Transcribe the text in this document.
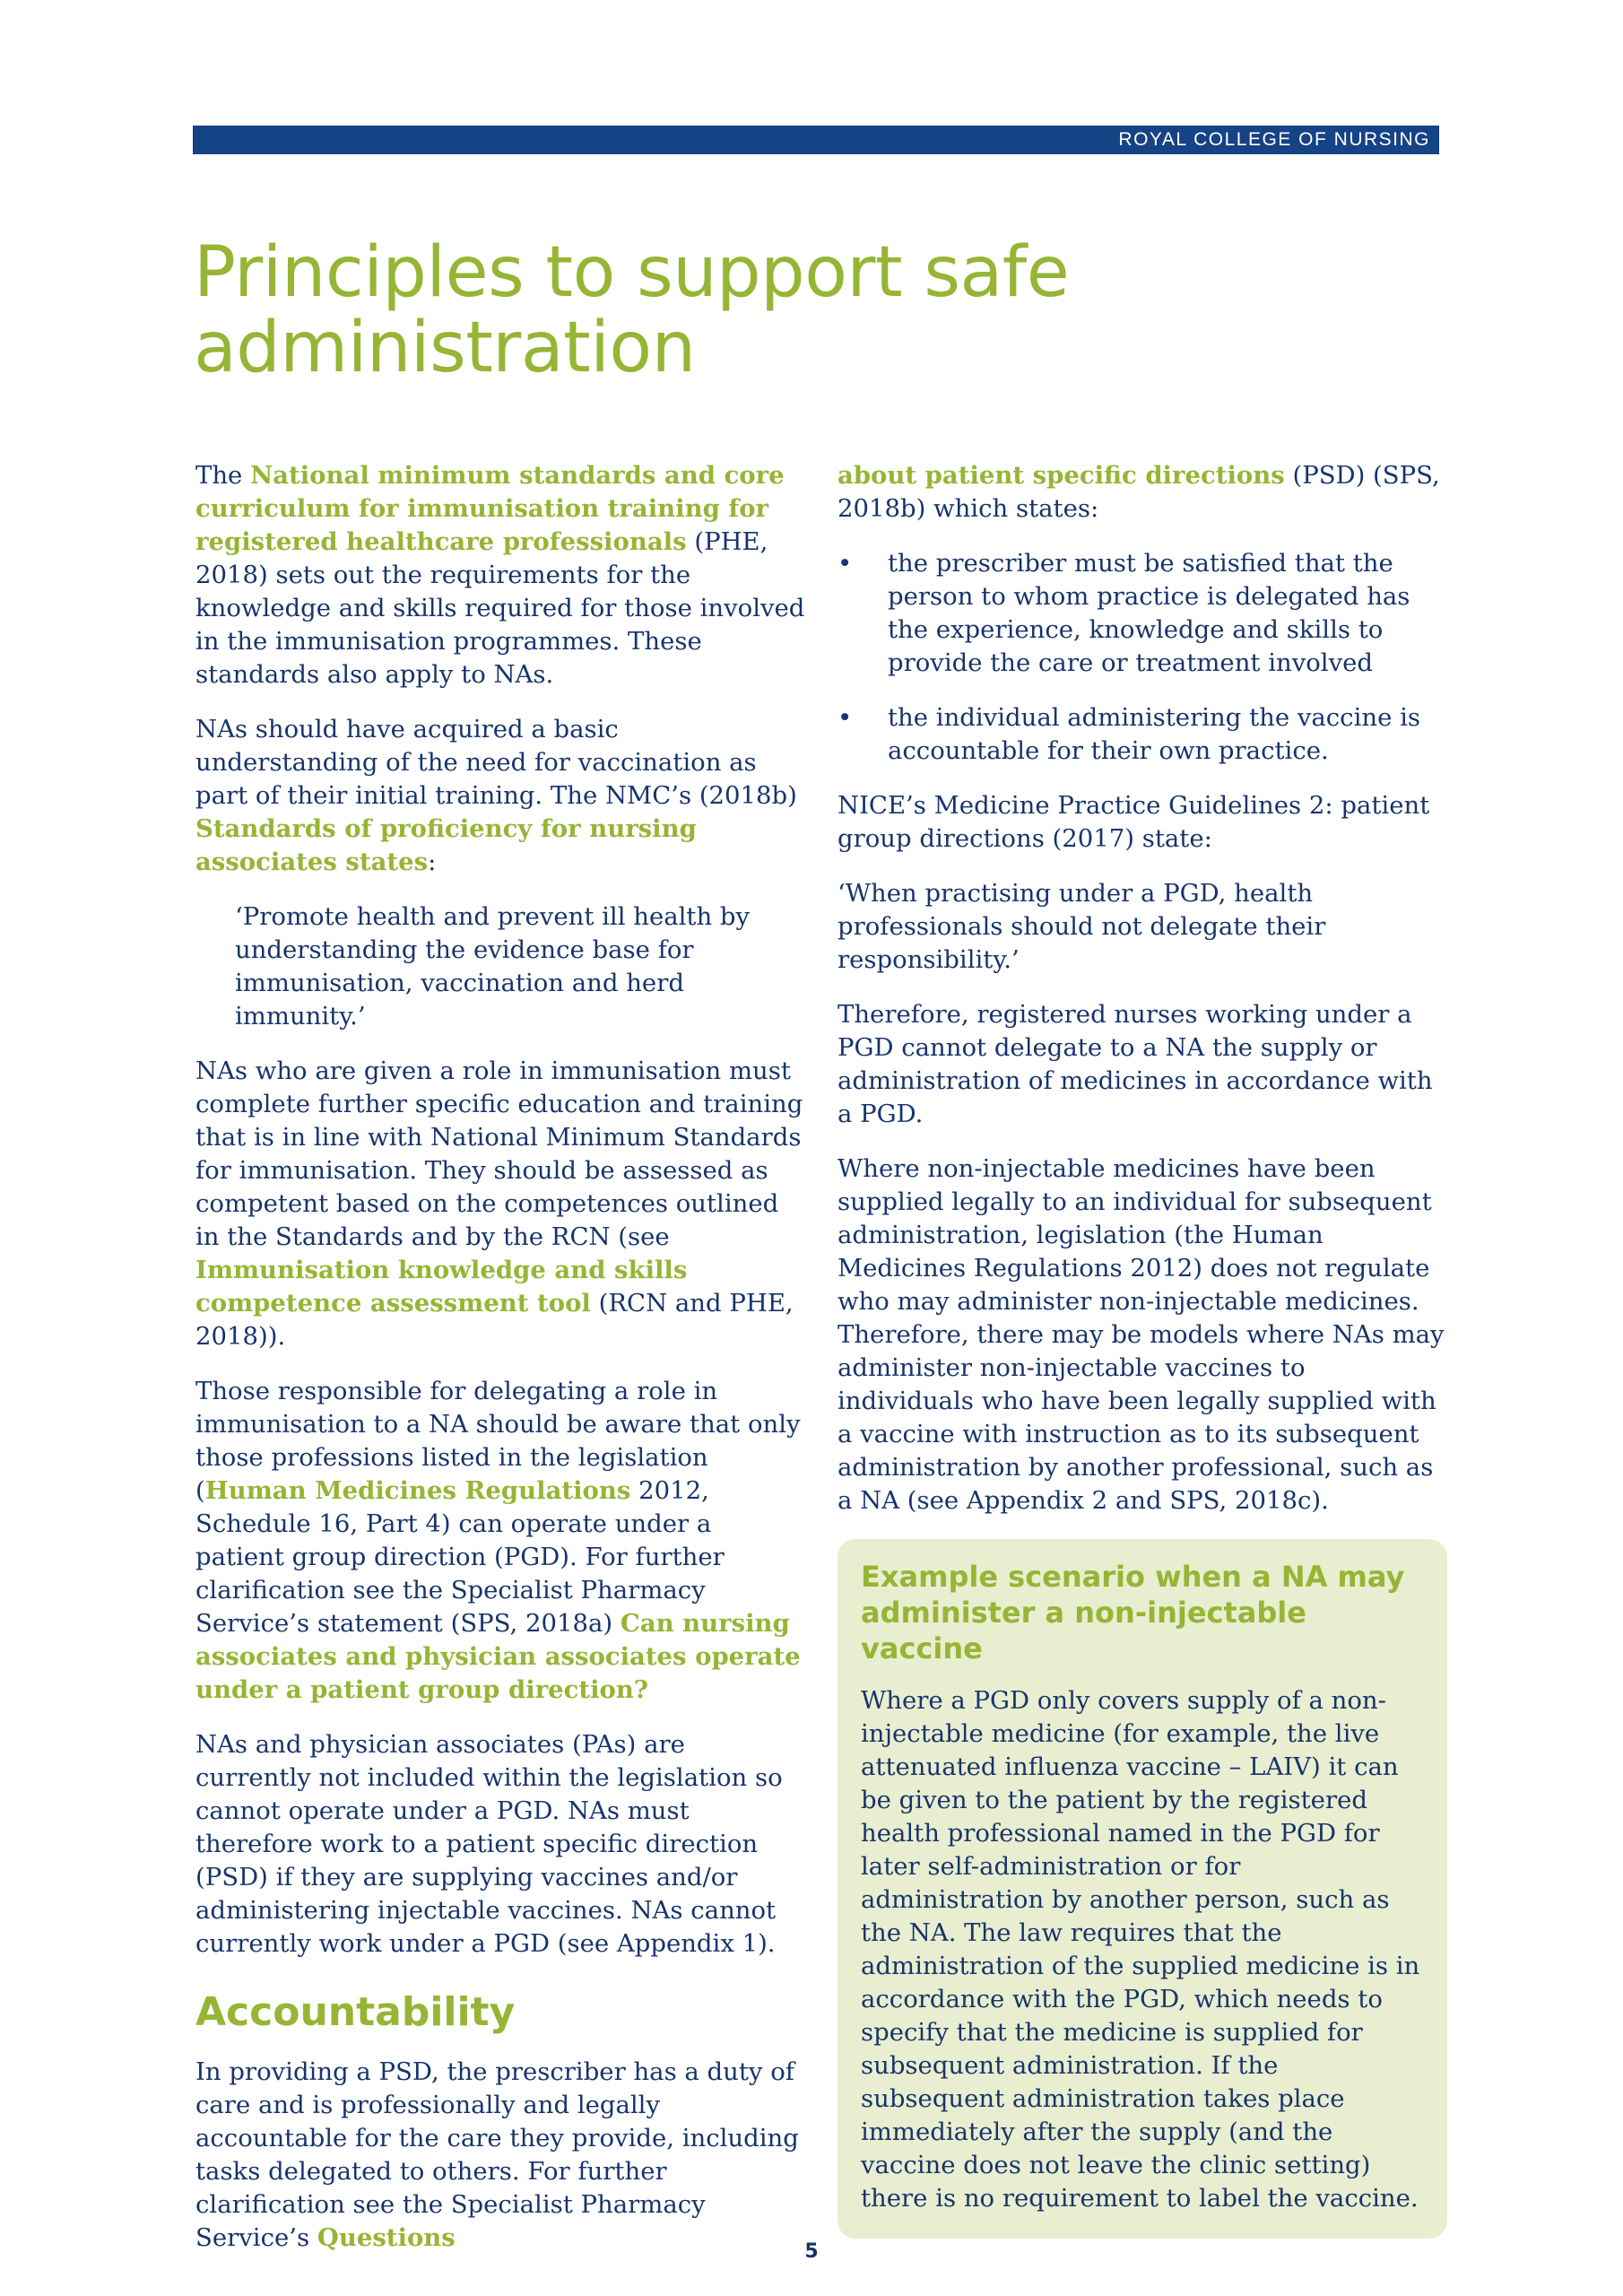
ROYAL COLLEGE OF NURSING
Principles to support safe administration

The National minimum standards and core curriculum for immunisation training for registered healthcare professionals (PHE, 2018) sets out the requirements for the knowledge and skills required for those involved in the immunisation programmes. These standards also apply to NAs.

NAs should have acquired a basic understanding of the need for vaccination as part of their initial training. The NMC’s (2018b) Standards of proficiency for nursing associates states:

‘Promote health and prevent ill health by understanding the evidence base for immunisation, vaccination and herd immunity.’

NAs who are given a role in immunisation must complete further specific education and training that is in line with National Minimum Standards for immunisation. They should be assessed as competent based on the competences outlined in the Standards and by the RCN (see Immunisation knowledge and skills competence assessment tool (RCN and PHE, 2018)).

Those responsible for delegating a role in immunisation to a NA should be aware that only those professions listed in the legislation (Human Medicines Regulations 2012, Schedule 16, Part 4) can operate under a patient group direction (PGD). For further clarification see the Specialist Pharmacy Service’s statement (SPS, 2018a) Can nursing associates and physician associates operate under a patient group direction?

NAs and physician associates (PAs) are currently not included within the legislation so cannot operate under a PGD. NAs must therefore work to a patient specific direction (PSD) if they are supplying vaccines and/or administering injectable vaccines. NAs cannot currently work under a PGD (see Appendix 1).

Accountability

In providing a PSD, the prescriber has a duty of care and is professionally and legally accountable for the care they provide, including tasks delegated to others. For further clarification see the Specialist Pharmacy Service’s Questions

about patient specific directions (PSD) (SPS, 2018b) which states:

• the prescriber must be satisfied that the person to whom practice is delegated has the experience, knowledge and skills to provide the care or treatment involved
• the individual administering the vaccine is accountable for their own practice.

NICE’s Medicine Practice Guidelines 2: patient group directions (2017) state:

‘When practising under a PGD, health professionals should not delegate their responsibility.’

Therefore, registered nurses working under a PGD cannot delegate to a NA the supply or administration of medicines in accordance with a PGD.

Where non-injectable medicines have been supplied legally to an individual for subsequent administration, legislation (the Human Medicines Regulations 2012) does not regulate who may administer non-injectable medicines. Therefore, there may be models where NAs may administer non-injectable vaccines to individuals who have been legally supplied with a vaccine with instruction as to its subsequent administration by another professional, such as a NA (see Appendix 2 and SPS, 2018c).

Example scenario when a NA may administer a non-injectable vaccine

Where a PGD only covers supply of a non-injectable medicine (for example, the live attenuated influenza vaccine – LAIV) it can be given to the patient by the registered health professional named in the PGD for later self-administration or for administration by another person, such as the NA. The law requires that the administration of the supplied medicine is in accordance with the PGD, which needs to specify that the medicine is supplied for subsequent administration. If the subsequent administration takes place immediately after the supply (and the vaccine does not leave the clinic setting) there is no requirement to label the vaccine.

5
